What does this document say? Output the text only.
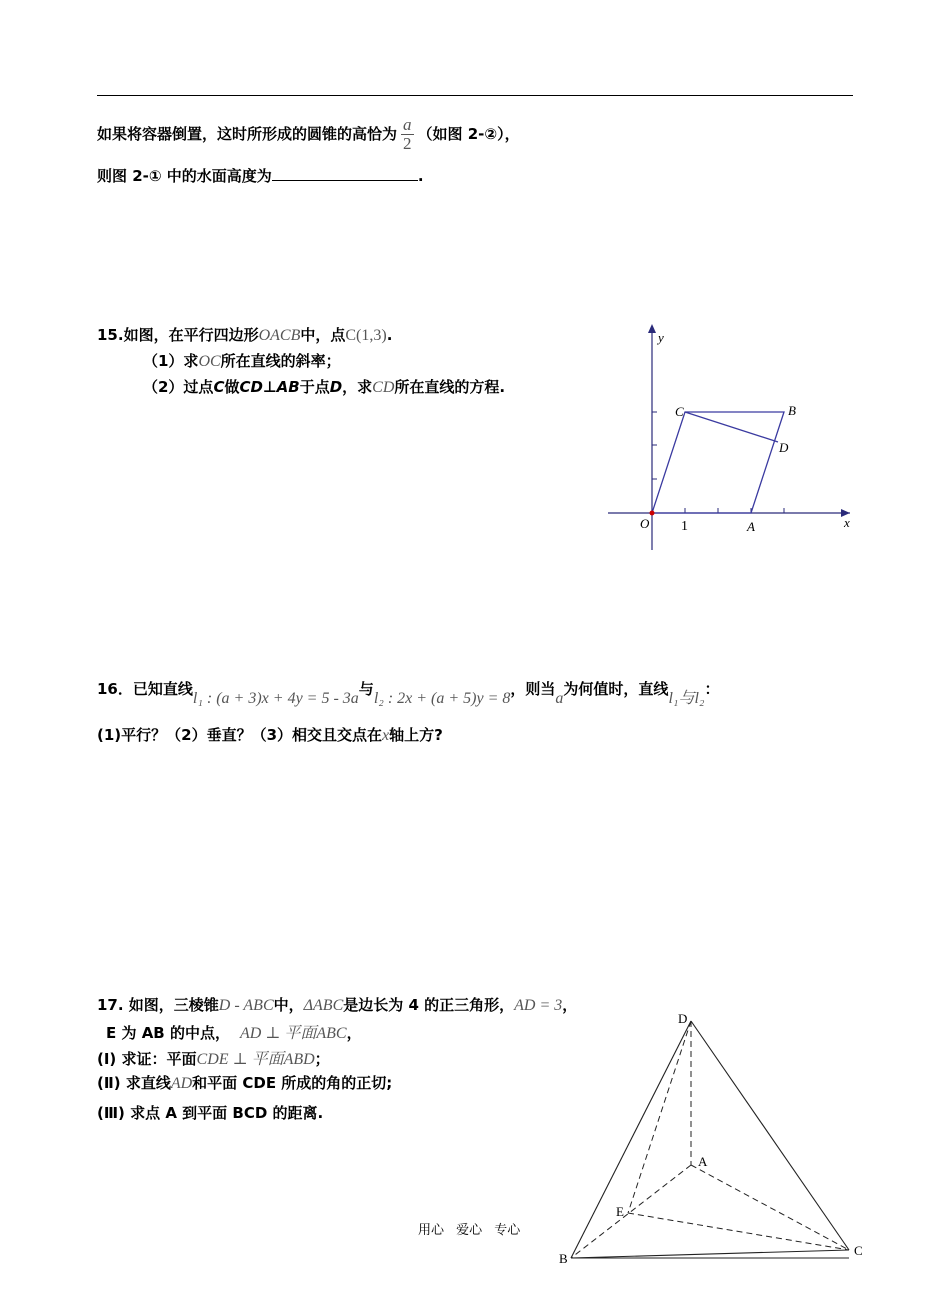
如果将容器倒置，这时所形成的圆锥的高恰为 $\frac{a}{2}$ （如图 2-②），
则图 2-① 中的水面高度为	.
15.如图，在平行四边形OACB中，点C(1,3).
（1）求OC所在直线的斜率；
（2）过点C做CD⊥AB于点D，求CD所在直线的方程.
O 1	A
B
C
D
x
y
16．已知直线l₁ : (a + 3)x + 4y = 5 - 3a与l₂ : 2x + (a + 5)y = 8，则当a为何值时，直线l₁与l₂：
(1)平行？（2）垂直？（3）相交且交点在x轴上方?
17. 如图，三棱锥D - ABC中，ΔABC是边长为 4 的正三角形，AD = 3，
E 为 AB 的中点， AD ⊥ 平面ABC，
(Ⅰ) 求证：平面CDE ⊥ 平面ABD；
(Ⅱ) 求直线AD和平面 CDE 所成的角的正切;
(Ⅲ) 求点 A 到平面 BCD 的距离.
D
A
E
B
C
用心 爱心 专心
